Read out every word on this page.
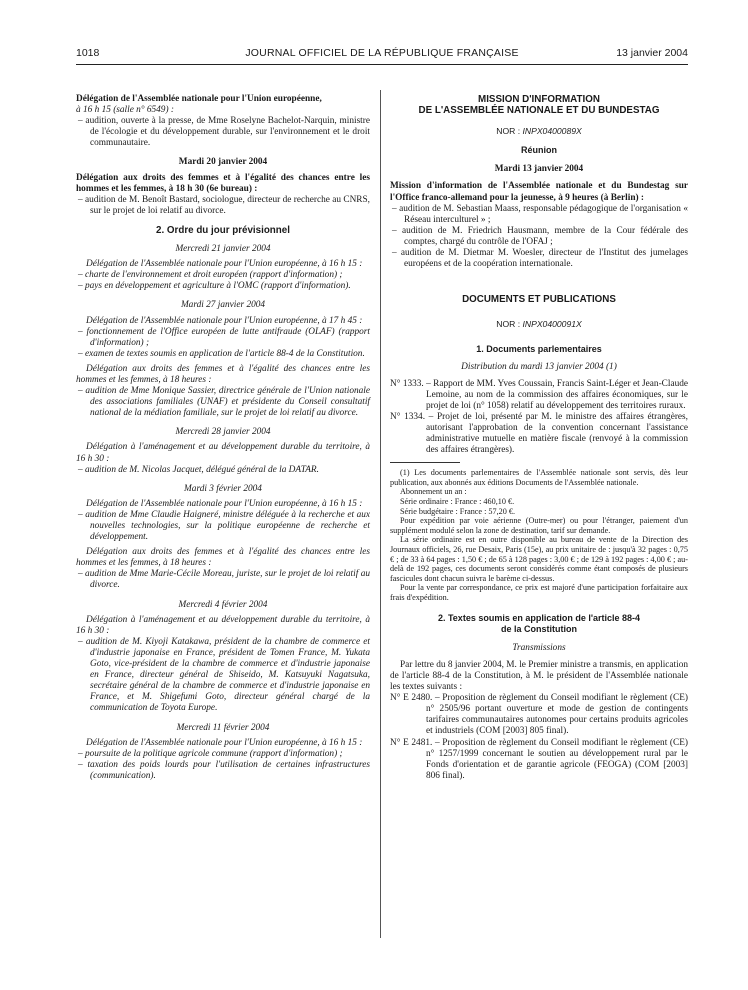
1018	JOURNAL OFFICIEL DE LA RÉPUBLIQUE FRANÇAISE	13 janvier 2004

Délégation de l'Assemblée nationale pour l'Union européenne,

à 16 h 15 (salle n° 6549) :

– audition, ouverte à la presse, de Mme Roselyne Bachelot-Narquin, ministre de l'écologie et du développement durable, sur l'environnement et le droit communautaire.

Mardi 20 janvier 2004

Délégation aux droits des femmes et à l'égalité des chances entre les hommes et les femmes, à 18 h 30 (6e bureau) :

– audition de M. Benoît Bastard, sociologue, directeur de recherche au CNRS, sur le projet de loi relatif au divorce.

2. Ordre du jour prévisionnel

Mercredi 21 janvier 2004

Délégation de l'Assemblée nationale pour l'Union européenne, à 16 h 15 :

– charte de l'environnement et droit européen (rapport d'information) ;

– pays en développement et agriculture à l'OMC (rapport d'information).

Mardi 27 janvier 2004

Délégation de l'Assemblée nationale pour l'Union européenne, à 17 h 45 :

– fonctionnement de l'Office européen de lutte antifraude (OLAF) (rapport d'information) ;

– examen de textes soumis en application de l'article 88-4 de la Constitution.

Délégation aux droits des femmes et à l'égalité des chances entre les hommes et les femmes, à 18 heures :

– audition de Mme Monique Sassier, directrice générale de l'Union nationale des associations familiales (UNAF) et présidente du Conseil consultatif national de la médiation familiale, sur le projet de loi relatif au divorce.

Mercredi 28 janvier 2004

Délégation à l'aménagement et au développement durable du territoire, à 16 h 30 :

– audition de M. Nicolas Jacquet, délégué général de la DATAR.

Mardi 3 février 2004

Délégation de l'Assemblée nationale pour l'Union européenne, à 16 h 15 :

– audition de Mme Claudie Haigneré, ministre déléguée à la recherche et aux nouvelles technologies, sur la politique européenne de recherche et développement.

Délégation aux droits des femmes et à l'égalité des chances entre les hommes et les femmes, à 18 heures :

– audition de Mme Marie-Cécile Moreau, juriste, sur le projet de loi relatif au divorce.

Mercredi 4 février 2004

Délégation à l'aménagement et au développement durable du territoire, à 16 h 30 :

– audition de M. Kiyoji Katakawa, président de la chambre de commerce et d'industrie japonaise en France, président de Tomen France, M. Yukata Goto, vice-président de la chambre de commerce et d'industrie japonaise en France, directeur général de Shiseido, M. Katsuyuki Nagatsuka, secrétaire général de la chambre de commerce et d'industrie japonaise en France, et M. Shigefumi Goto, directeur général chargé de la communication de Toyota Europe.

Mercredi 11 février 2004

Délégation de l'Assemblée nationale pour l'Union européenne, à 16 h 15 :

– poursuite de la politique agricole commune (rapport d'information) ;

– taxation des poids lourds pour l'utilisation de certaines infrastructures (communication).

MISSION D'INFORMATION

DE L'ASSEMBLÉE NATIONALE ET DU BUNDESTAG

NOR : INPX0400089X

Réunion

Mardi 13 janvier 2004

Mission d'information de l'Assemblée nationale et du Bundestag sur l'Office franco-allemand pour la jeunesse, à 9 heures (à Berlin) :

– audition de M. Sebastian Maass, responsable pédagogique de l'organisation « Réseau interculturel » ;

– audition de M. Friedrich Hausmann, membre de la Cour fédérale des comptes, chargé du contrôle de l'OFAJ ;

– audition de M. Dietmar M. Woesler, directeur de l'Institut des jumelages européens et de la coopération internationale.

DOCUMENTS ET PUBLICATIONS

NOR : INPX0400091X

1. Documents parlementaires

Distribution du mardi 13 janvier 2004 (1)

N° 1333. – Rapport de MM. Yves Coussain, Francis Saint-Léger et Jean-Claude Lemoine, au nom de la commission des affaires économiques, sur le projet de loi (n° 1058) relatif au développement des territoires ruraux.

N° 1334. – Projet de loi, présenté par M. le ministre des affaires étrangères, autorisant l'approbation de la convention concernant l'assistance administrative mutuelle en matière fiscale (renvoyé à la commission des affaires étrangères).

(1) Les documents parlementaires de l'Assemblée nationale sont servis, dès leur publication, aux abonnés aux éditions Documents de l'Assemblée nationale.

Abonnement un an :

Série ordinaire : France : 460,10 €.

Série budgétaire : France : 57,20 €.

Pour expédition par voie aérienne (Outre-mer) ou pour l'étranger, paiement d'un supplément modulé selon la zone de destination, tarif sur demande.

La série ordinaire est en outre disponible au bureau de vente de la Direction des Journaux officiels, 26, rue Desaix, Paris (15e), au prix unitaire de : jusqu'à 32 pages : 0,75 € ; de 33 à 64 pages : 1,50 € ; de 65 à 128 pages : 3,00 € ; de 129 à 192 pages : 4,00 € ; au-delà de 192 pages, ces documents seront considérés comme étant composés de plusieurs fascicules dont chacun suivra le barème ci-dessus.

Pour la vente par correspondance, ce prix est majoré d'une participation forfaitaire aux frais d'expédition.

2. Textes soumis en application de l'article 88-4

de la Constitution

Transmissions

Par lettre du 8 janvier 2004, M. le Premier ministre a transmis, en application de l'article 88-4 de la Constitution, à M. le président de l'Assemblée nationale les textes suivants :

N° E 2480. – Proposition de règlement du Conseil modifiant le règlement (CE) n° 2505/96 portant ouverture et mode de gestion de contingents tarifaires communautaires autonomes pour certains produits agricoles et industriels (COM [2003] 805 final).

N° E 2481. – Proposition de règlement du Conseil modifiant le règlement (CE) n° 1257/1999 concernant le soutien au développement rural par le Fonds d'orientation et de garantie agricole (FEOGA) (COM [2003] 806 final).
